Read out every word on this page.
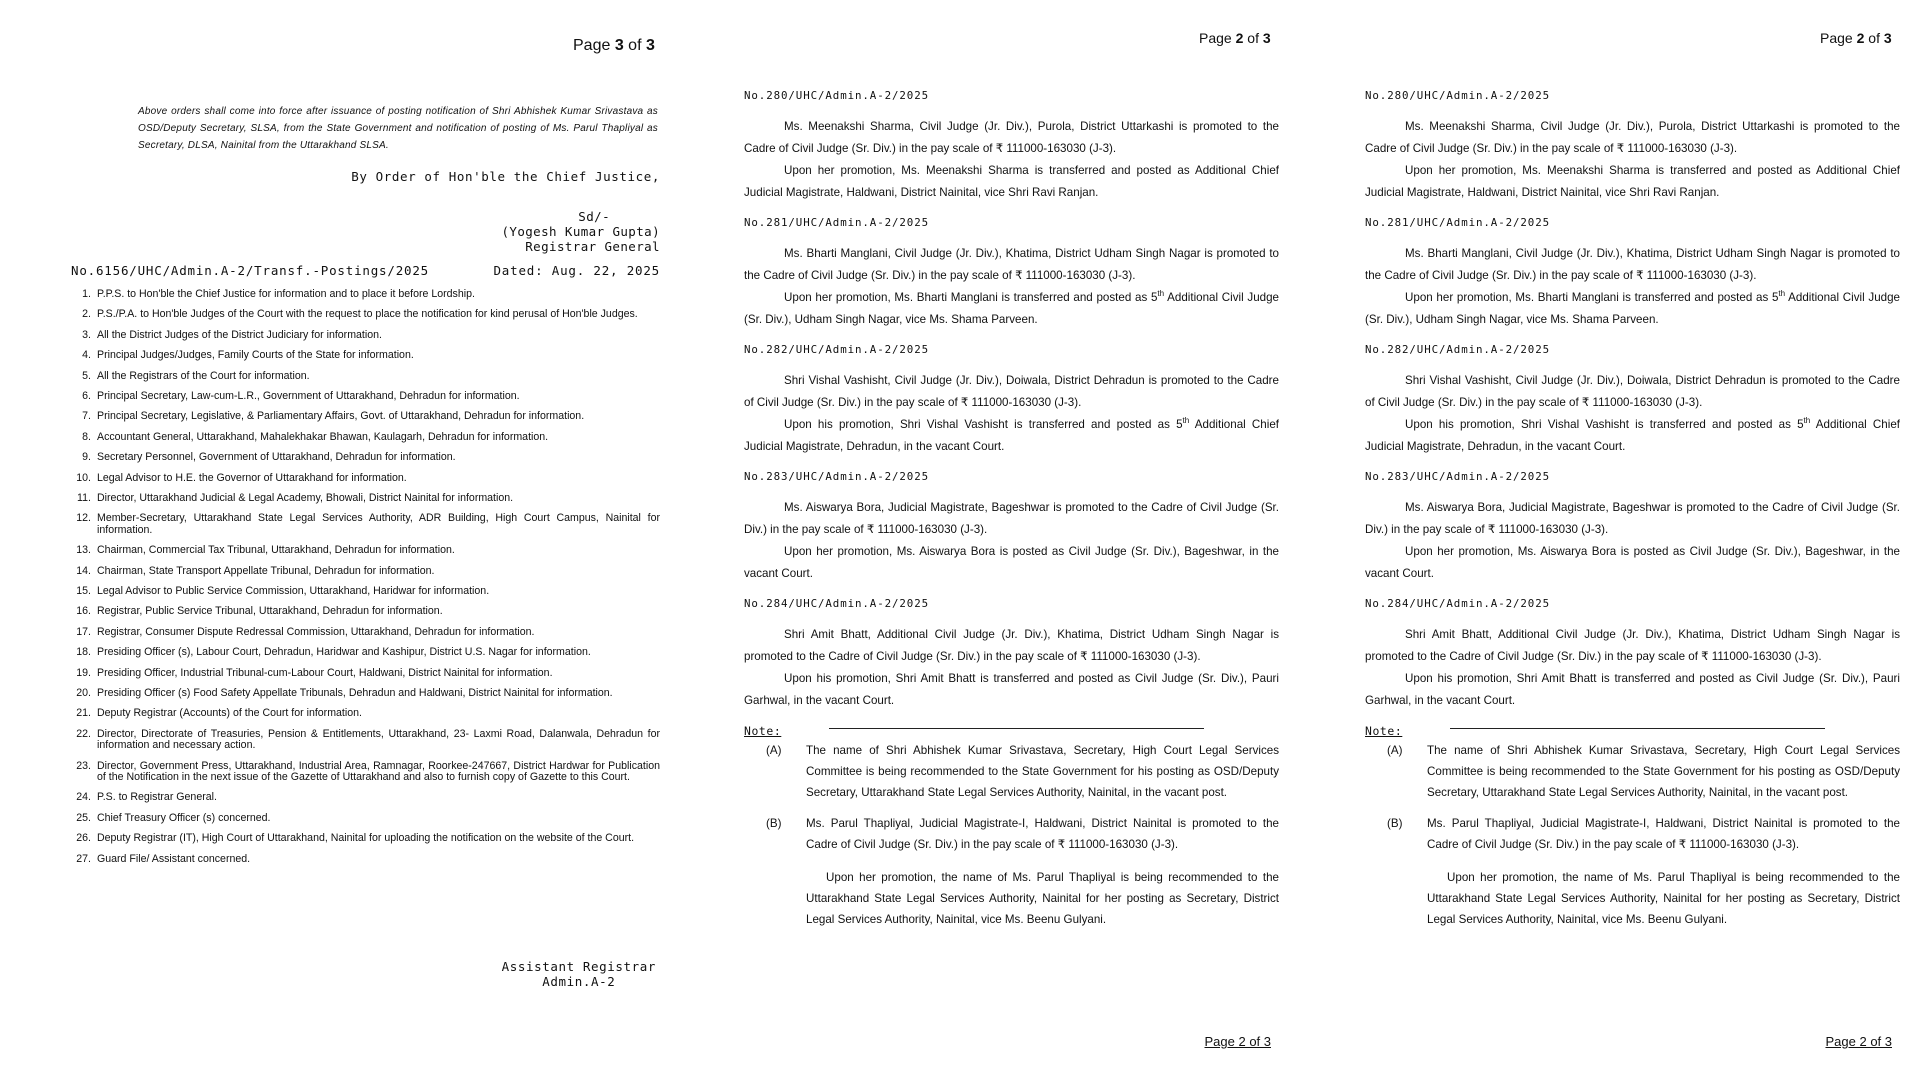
Page 3 of 3
Above orders shall come into force after issuance of posting notification of Shri Abhishek Kumar Srivastava as OSD/Deputy Secretary, SLSA, from the State Government and notification of posting of Ms. Parul Thapliyal as Secretary, DLSA, Nainital from the Uttarakhand SLSA.
By Order of Hon'ble the Chief Justice,
Sd/-
(Yogesh Kumar Gupta)
Registrar General
No.6156/UHC/Admin.A-2/Transf.-Postings/2025	Dated: Aug. 22, 2025
1. P.P.S. to Hon'ble the Chief Justice for information and to place it before Lordship.
2. P.S./P.A. to Hon'ble Judges of the Court with the request to place the notification for kind perusal of Hon'ble Judges.
3. All the District Judges of the District Judiciary for information.
4. Principal Judges/Judges, Family Courts of the State for information.
5. All the Registrars of the Court for information.
6. Principal Secretary, Law-cum-L.R., Government of Uttarakhand, Dehradun for information.
7. Principal Secretary, Legislative, & Parliamentary Affairs, Govt. of Uttarakhand, Dehradun for information.
8. Accountant General, Uttarakhand, Mahalekhakar Bhawan, Kaulagarh, Dehradun for information.
9. Secretary Personnel, Government of Uttarakhand, Dehradun for information.
10. Legal Advisor to H.E. the Governor of Uttarakhand for information.
11. Director, Uttarakhand Judicial & Legal Academy, Bhowali, District Nainital for information.
12. Member-Secretary, Uttarakhand State Legal Services Authority, ADR Building, High Court Campus, Nainital for information.
13. Chairman, Commercial Tax Tribunal, Uttarakhand, Dehradun for information.
14. Chairman, State Transport Appellate Tribunal, Dehradun for information.
15. Legal Advisor to Public Service Commission, Uttarakhand, Haridwar for information.
16. Registrar, Public Service Tribunal, Uttarakhand, Dehradun for information.
17. Registrar, Consumer Dispute Redressal Commission, Uttarakhand, Dehradun for information.
18. Presiding Officer (s), Labour Court, Dehradun, Haridwar and Kashipur, District U.S. Nagar for information.
19. Presiding Officer, Industrial Tribunal-cum-Labour Court, Haldwani, District Nainital for information.
20. Presiding Officer (s) Food Safety Appellate Tribunals, Dehradun and Haldwani, District Nainital for information.
21. Deputy Registrar (Accounts) of the Court for information.
22. Director, Directorate of Treasuries, Pension & Entitlements, Uttarakhand, 23- Laxmi Road, Dalanwala, Dehradun for information and necessary action.
23. Director, Government Press, Uttarakhand, Industrial Area, Ramnagar, Roorkee-247667, District Hardwar for Publication of the Notification in the next issue of the Gazette of Uttarakhand and also to furnish copy of Gazette to this Court.
24. P.S. to Registrar General.
25. Chief Treasury Officer (s) concerned.
26. Deputy Registrar (IT), High Court of Uttarakhand, Nainital for uploading the notification on the website of the Court.
27. Guard File/ Assistant concerned.
Assistant Registrar
Admin.A-2
Page 2 of 3
No.280/UHC/Admin.A-2/2025
Ms. Meenakshi Sharma, Civil Judge (Jr. Div.), Purola, District Uttarkashi is promoted to the Cadre of Civil Judge (Sr. Div.) in the pay scale of ₹ 111000-163030 (J-3).
Upon her promotion, Ms. Meenakshi Sharma is transferred and posted as Additional Chief Judicial Magistrate, Haldwani, District Nainital, vice Shri Ravi Ranjan.
No.281/UHC/Admin.A-2/2025
Ms. Bharti Manglani, Civil Judge (Jr. Div.), Khatima, District Udham Singh Nagar is promoted to the Cadre of Civil Judge (Sr. Div.) in the pay scale of ₹ 111000-163030 (J-3).
Upon her promotion, Ms. Bharti Manglani is transferred and posted as 5th Additional Civil Judge (Sr. Div.), Udham Singh Nagar, vice Ms. Shama Parveen.
No.282/UHC/Admin.A-2/2025
Shri Vishal Vashisht, Civil Judge (Jr. Div.), Doiwala, District Dehradun is promoted to the Cadre of Civil Judge (Sr. Div.) in the pay scale of ₹ 111000-163030 (J-3).
Upon his promotion, Shri Vishal Vashisht is transferred and posted as 5th Additional Chief Judicial Magistrate, Dehradun, in the vacant Court.
No.283/UHC/Admin.A-2/2025
Ms. Aiswarya Bora, Judicial Magistrate, Bageshwar is promoted to the Cadre of Civil Judge (Sr. Div.) in the pay scale of ₹ 111000-163030 (J-3).
Upon her promotion, Ms. Aiswarya Bora is posted as Civil Judge (Sr. Div.), Bageshwar, in the vacant Court.
No.284/UHC/Admin.A-2/2025
Shri Amit Bhatt, Additional Civil Judge (Jr. Div.), Khatima, District Udham Singh Nagar is promoted to the Cadre of Civil Judge (Sr. Div.) in the pay scale of ₹ 111000-163030 (J-3).
Upon his promotion, Shri Amit Bhatt is transferred and posted as Civil Judge (Sr. Div.), Pauri Garhwal, in the vacant Court.
Note:
(A)	The name of Shri Abhishek Kumar Srivastava, Secretary, High Court Legal Services Committee is being recommended to the State Government for his posting as OSD/Deputy Secretary, Uttarakhand State Legal Services Authority, Nainital, in the vacant post.
(B)	Ms. Parul Thapliyal, Judicial Magistrate-I, Haldwani, District Nainital is promoted to the Cadre of Civil Judge (Sr. Div.) in the pay scale of ₹ 111000-163030 (J-3).
Upon her promotion, the name of Ms. Parul Thapliyal is being recommended to the Uttarakhand State Legal Services Authority, Nainital for her posting as Secretary, District Legal Services Authority, Nainital, vice Ms. Beenu Gulyani.
Page 2 of 3
Page 2 of 3
No.280/UHC/Admin.A-2/2025
Ms. Meenakshi Sharma, Civil Judge (Jr. Div.), Purola, District Uttarkashi is promoted to the Cadre of Civil Judge (Sr. Div.) in the pay scale of ₹ 111000-163030 (J-3).
Upon her promotion, Ms. Meenakshi Sharma is transferred and posted as Additional Chief Judicial Magistrate, Haldwani, District Nainital, vice Shri Ravi Ranjan.
No.281/UHC/Admin.A-2/2025
Ms. Bharti Manglani, Civil Judge (Jr. Div.), Khatima, District Udham Singh Nagar is promoted to the Cadre of Civil Judge (Sr. Div.) in the pay scale of ₹ 111000-163030 (J-3).
Upon her promotion, Ms. Bharti Manglani is transferred and posted as 5th Additional Civil Judge (Sr. Div.), Udham Singh Nagar, vice Ms. Shama Parveen.
No.282/UHC/Admin.A-2/2025
Shri Vishal Vashisht, Civil Judge (Jr. Div.), Doiwala, District Dehradun is promoted to the Cadre of Civil Judge (Sr. Div.) in the pay scale of ₹ 111000-163030 (J-3).
Upon his promotion, Shri Vishal Vashisht is transferred and posted as 5th Additional Chief Judicial Magistrate, Dehradun, in the vacant Court.
No.283/UHC/Admin.A-2/2025
Ms. Aiswarya Bora, Judicial Magistrate, Bageshwar is promoted to the Cadre of Civil Judge (Sr. Div.) in the pay scale of ₹ 111000-163030 (J-3).
Upon her promotion, Ms. Aiswarya Bora is posted as Civil Judge (Sr. Div.), Bageshwar, in the vacant Court.
No.284/UHC/Admin.A-2/2025
Shri Amit Bhatt, Additional Civil Judge (Jr. Div.), Khatima, District Udham Singh Nagar is promoted to the Cadre of Civil Judge (Sr. Div.) in the pay scale of ₹ 111000-163030 (J-3).
Upon his promotion, Shri Amit Bhatt is transferred and posted as Civil Judge (Sr. Div.), Pauri Garhwal, in the vacant Court.
Note:
(A)	The name of Shri Abhishek Kumar Srivastava, Secretary, High Court Legal Services Committee is being recommended to the State Government for his posting as OSD/Deputy Secretary, Uttarakhand State Legal Services Authority, Nainital, in the vacant post.
(B)	Ms. Parul Thapliyal, Judicial Magistrate-I, Haldwani, District Nainital is promoted to the Cadre of Civil Judge (Sr. Div.) in the pay scale of ₹ 111000-163030 (J-3).
Upon her promotion, the name of Ms. Parul Thapliyal is being recommended to the Uttarakhand State Legal Services Authority, Nainital for her posting as Secretary, District Legal Services Authority, Nainital, vice Ms. Beenu Gulyani.
Page 2 of 3
